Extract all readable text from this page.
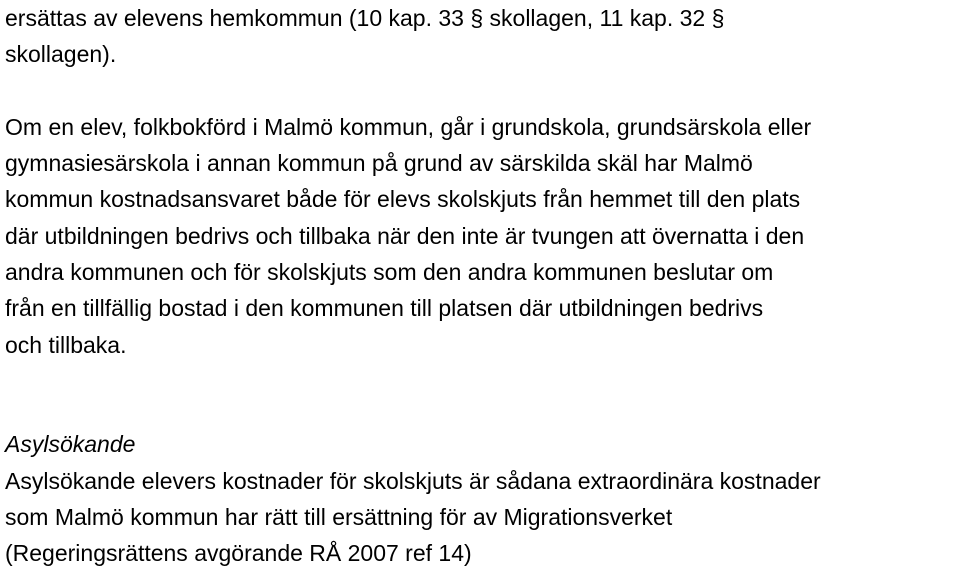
ersättas av elevens hemkommun (10 kap. 33 § skollagen, 11 kap. 32 §
skollagen).
Om en elev, folkbokförd i Malmö kommun, går i grundskola, grundsärskola eller
gymnasiesärskola i annan kommun på grund av särskilda skäl har Malmö
kommun kostnadsansvaret både för elevs skolskjuts från hemmet till den plats
där utbildningen bedrivs och tillbaka när den inte är tvungen att övernatta i den
andra kommunen och för skolskjuts som den andra kommunen beslutar om
från en tillfällig bostad i den kommunen till platsen där utbildningen bedrivs
och tillbaka.
Asylsökande
Asylsökande elevers kostnader för skolskjuts är sådana extraordinära kostnader
som Malmö kommun har rätt till ersättning för av Migrationsverket
(Regeringsrättens avgörande RÅ 2007 ref 14)
